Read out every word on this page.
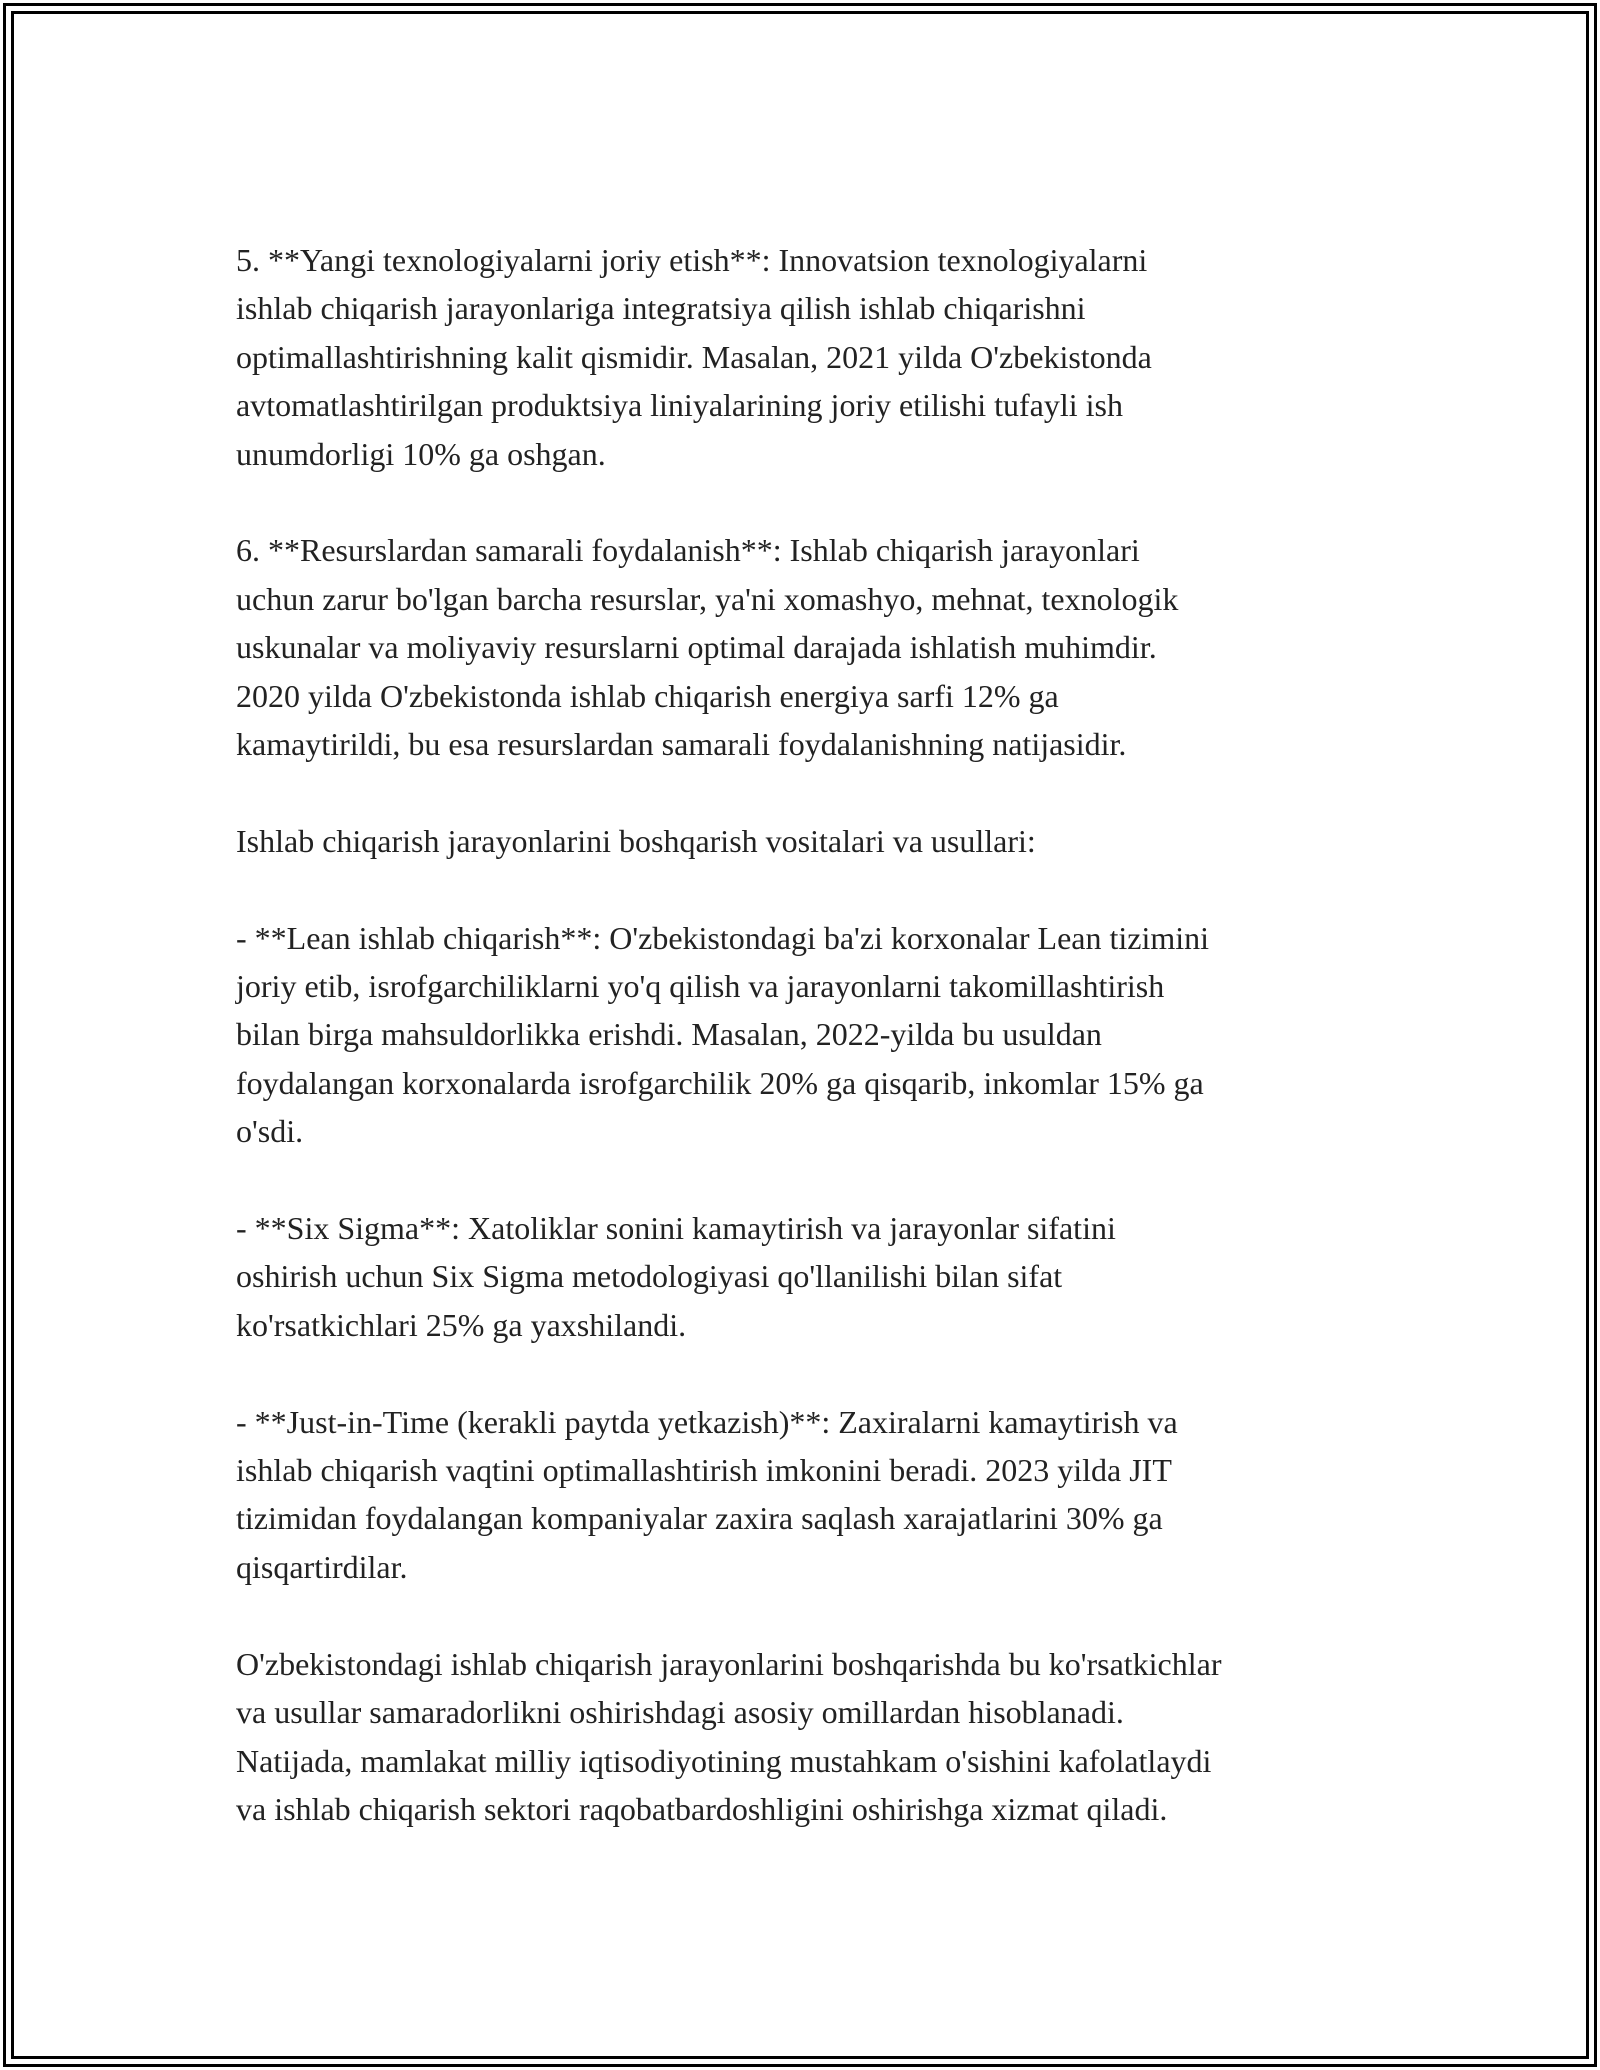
5. **Yangi texnologiyalarni joriy etish**: Innovatsion texnologiyalarni
ishlab chiqarish jarayonlariga integratsiya qilish ishlab chiqarishni
optimallashtirishning kalit qismidir. Masalan, 2021 yilda O'zbekistonda
avtomatlashtirilgan produktsiya liniyalarining joriy etilishi tufayli ish
unumdorligi 10% ga oshgan.

6. **Resurslardan samarali foydalanish**: Ishlab chiqarish jarayonlari
uchun zarur bo'lgan barcha resurslar, ya'ni xomashyo, mehnat, texnologik
uskunalar va moliyaviy resurslarni optimal darajada ishlatish muhimdir.
2020 yilda O'zbekistonda ishlab chiqarish energiya sarfi 12% ga
kamaytirildi, bu esa resurslardan samarali foydalanishning natijasidir.

Ishlab chiqarish jarayonlarini boshqarish vositalari va usullari:

- **Lean ishlab chiqarish**: O'zbekistondagi ba'zi korxonalar Lean tizimini
joriy etib, isrofgarchiliklarni yo'q qilish va jarayonlarni takomillashtirish
bilan birga mahsuldorlikka erishdi. Masalan, 2022-yilda bu usuldan
foydalangan korxonalarda isrofgarchilik 20% ga qisqarib, inkomlar 15% ga
o'sdi.

- **Six Sigma**: Xatoliklar sonini kamaytirish va jarayonlar sifatini
oshirish uchun Six Sigma metodologiyasi qo'llanilishi bilan sifat
ko'rsatkichlari 25% ga yaxshilandi.

- **Just-in-Time (kerakli paytda yetkazish)**: Zaxiralarni kamaytirish va
ishlab chiqarish vaqtini optimallashtirish imkonini beradi. 2023 yilda JIT
tizimidan foydalangan kompaniyalar zaxira saqlash xarajatlarini 30% ga
qisqartirdilar.

O'zbekistondagi ishlab chiqarish jarayonlarini boshqarishda bu ko'rsatkichlar
va usullar samaradorlikni oshirishdagi asosiy omillardan hisoblanadi.
Natijada, mamlakat milliy iqtisodiyotining mustahkam o'sishini kafolatlaydi
va ishlab chiqarish sektori raqobatbardoshligini oshirishga xizmat qiladi.
